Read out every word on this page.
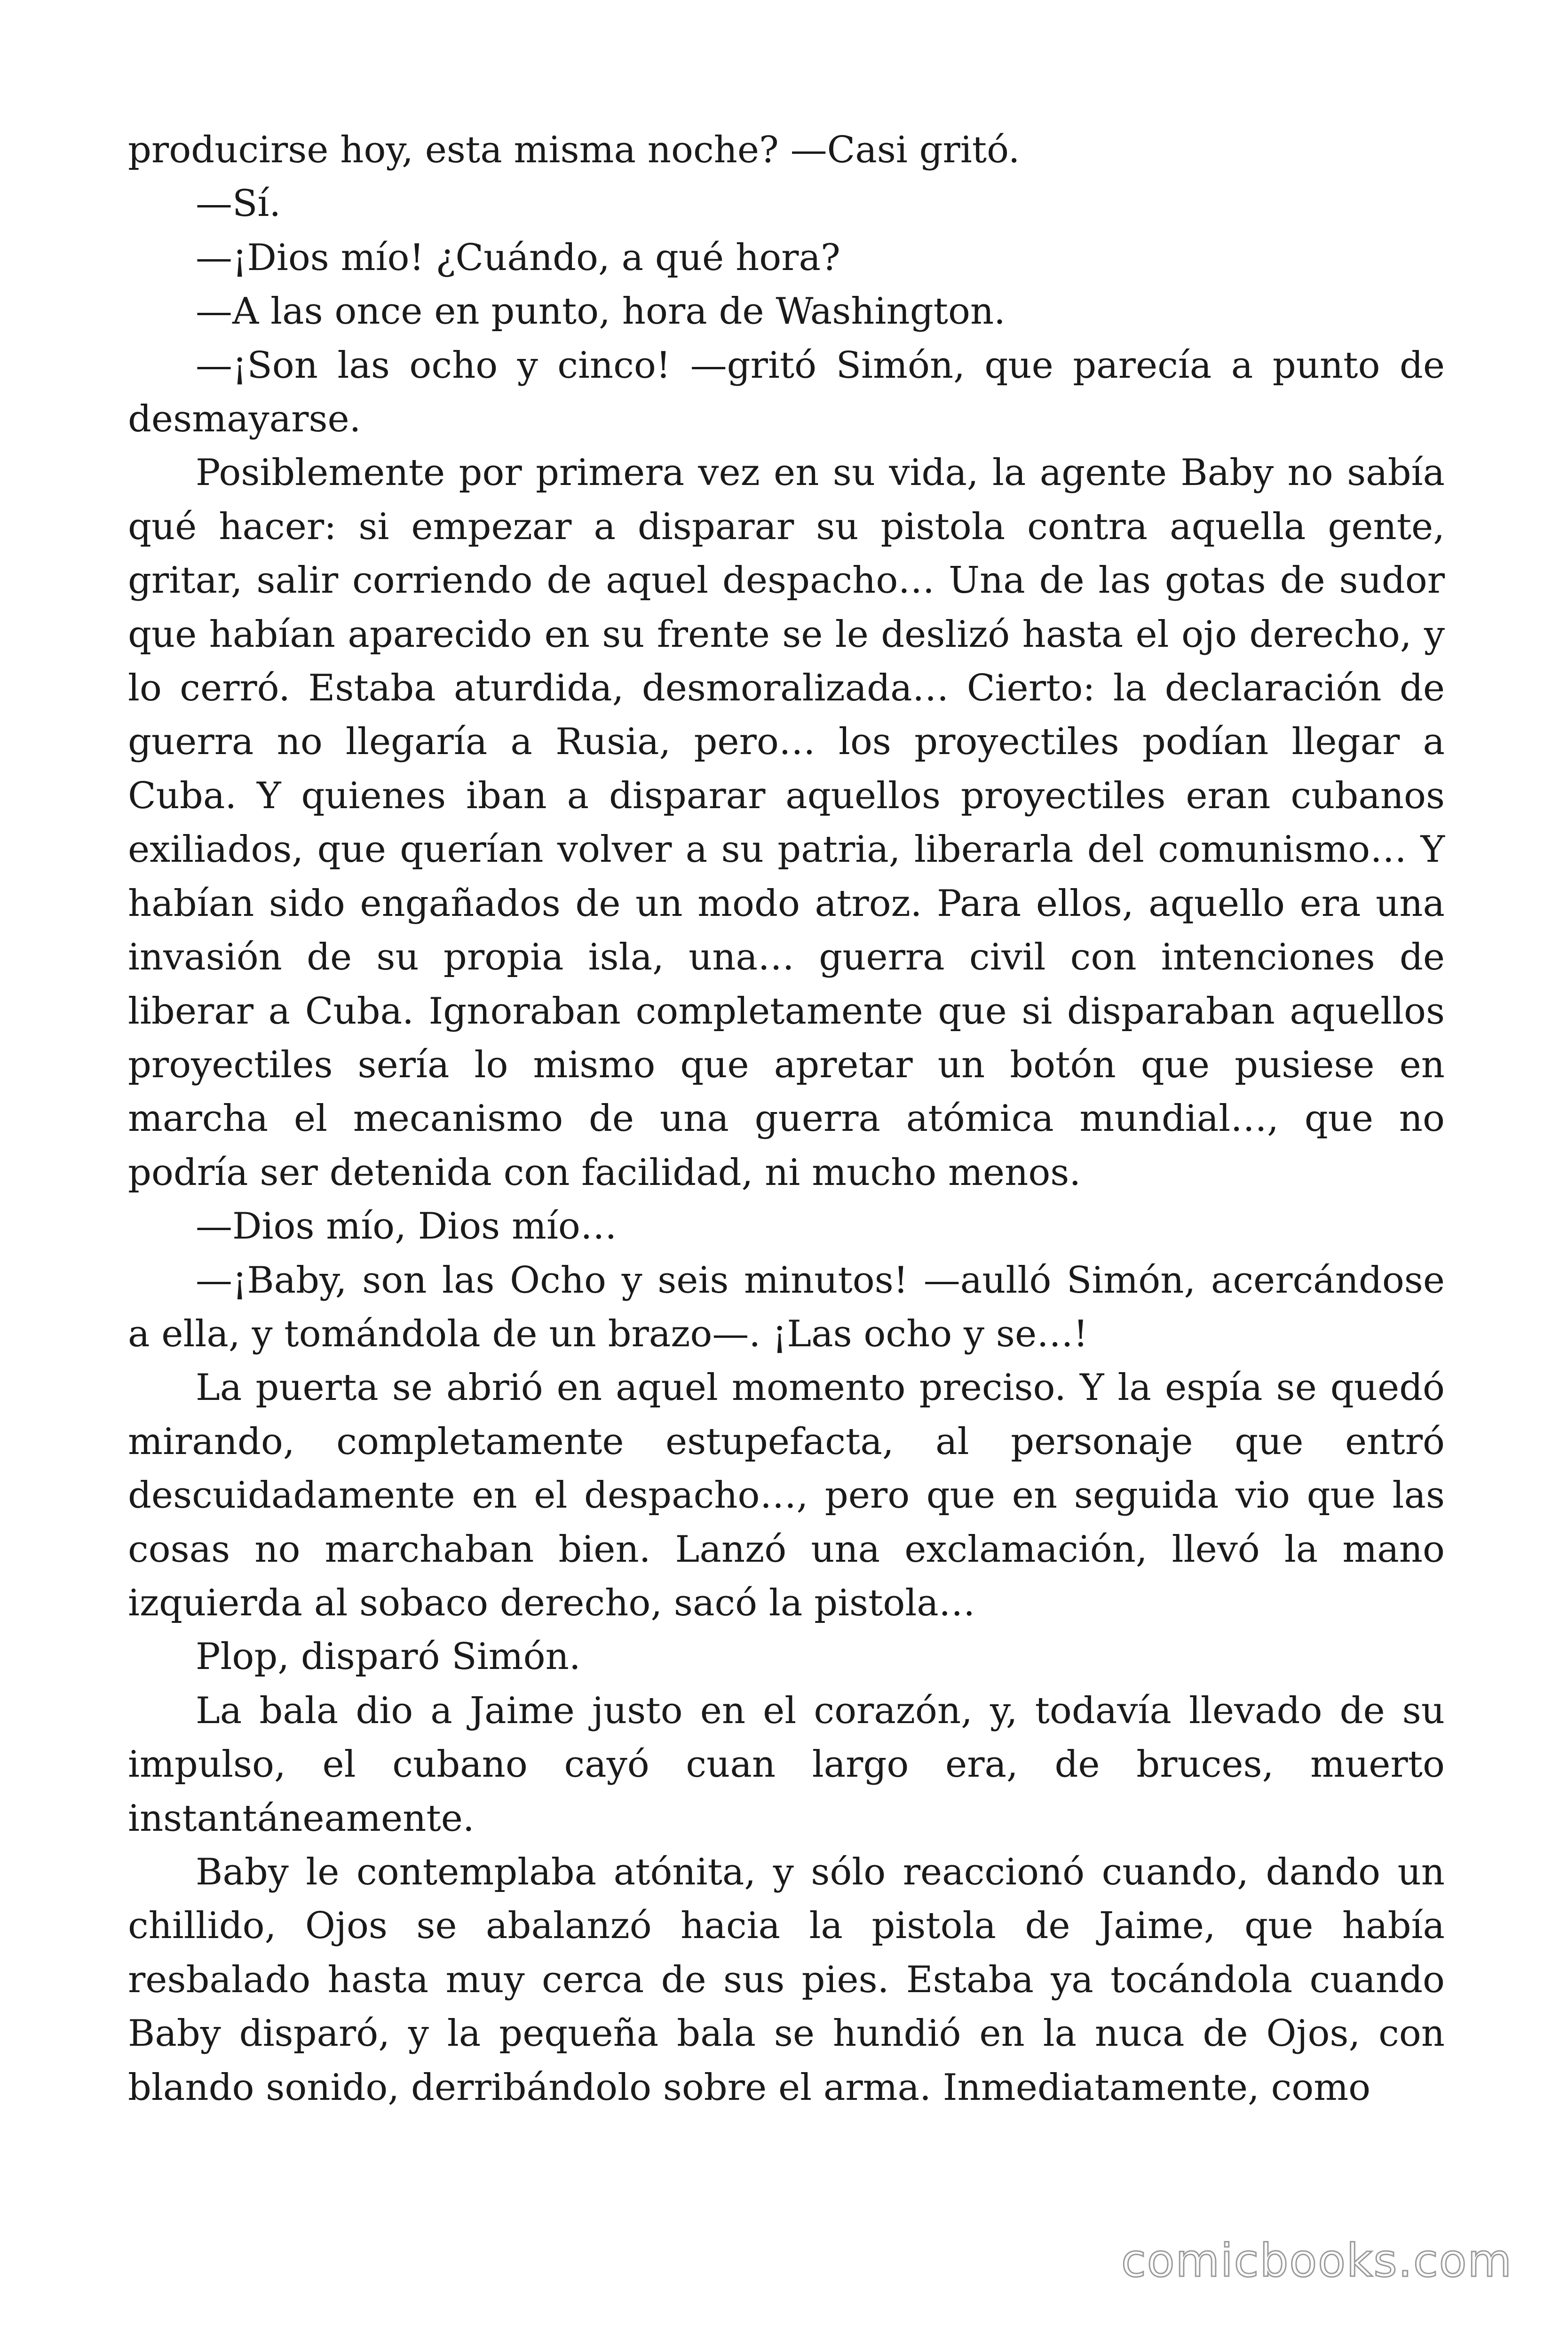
producirse hoy, esta misma noche? —Casi gritó.

—Sí.

—¡Dios mío! ¿Cuándo, a qué hora?

—A las once en punto, hora de Washington.

—¡Son las ocho y cinco! —gritó Simón, que parecía a punto de desmayarse.

Posiblemente por primera vez en su vida, la agente Baby no sabía qué hacer: si empezar a disparar su pistola contra aquella gente, gritar, salir corriendo de aquel despacho… Una de las gotas de sudor que habían aparecido en su frente se le deslizó hasta el ojo derecho, y lo cerró. Estaba aturdida, desmoralizada… Cierto: la declaración de guerra no llegaría a Rusia, pero… los proyectiles podían llegar a Cuba. Y quienes iban a disparar aquellos proyectiles eran cubanos exiliados, que querían volver a su patria, liberarla del comunismo… Y habían sido engañados de un modo atroz. Para ellos, aquello era una invasión de su propia isla, una… guerra civil con intenciones de liberar a Cuba. Ignoraban completamente que si disparaban aquellos proyectiles sería lo mismo que apretar un botón que pusiese en marcha el mecanismo de una guerra atómica mundial…, que no podría ser detenida con facilidad, ni mucho menos.

—Dios mío, Dios mío…

—¡Baby, son las Ocho y seis minutos! —aulló Simón, acercándose a ella, y tomándola de un brazo—. ¡Las ocho y se…!

La puerta se abrió en aquel momento preciso. Y la espía se quedó mirando, completamente estupefacta, al personaje que entró descuidadamente en el despacho…, pero que en seguida vio que las cosas no marchaban bien. Lanzó una exclamación, llevó la mano izquierda al sobaco derecho, sacó la pistola…

Plop, disparó Simón.

La bala dio a Jaime justo en el corazón, y, todavía llevado de su impulso, el cubano cayó cuan largo era, de bruces, muerto instantáneamente.

Baby le contemplaba atónita, y sólo reaccionó cuando, dando un chillido, Ojos se abalanzó hacia la pistola de Jaime, que había resbalado hasta muy cerca de sus pies. Estaba ya tocándola cuando Baby disparó, y la pequeña bala se hundió en la nuca de Ojos, con blando sonido, derribándolo sobre el arma. Inmediatamente, como

comicbooks.com
